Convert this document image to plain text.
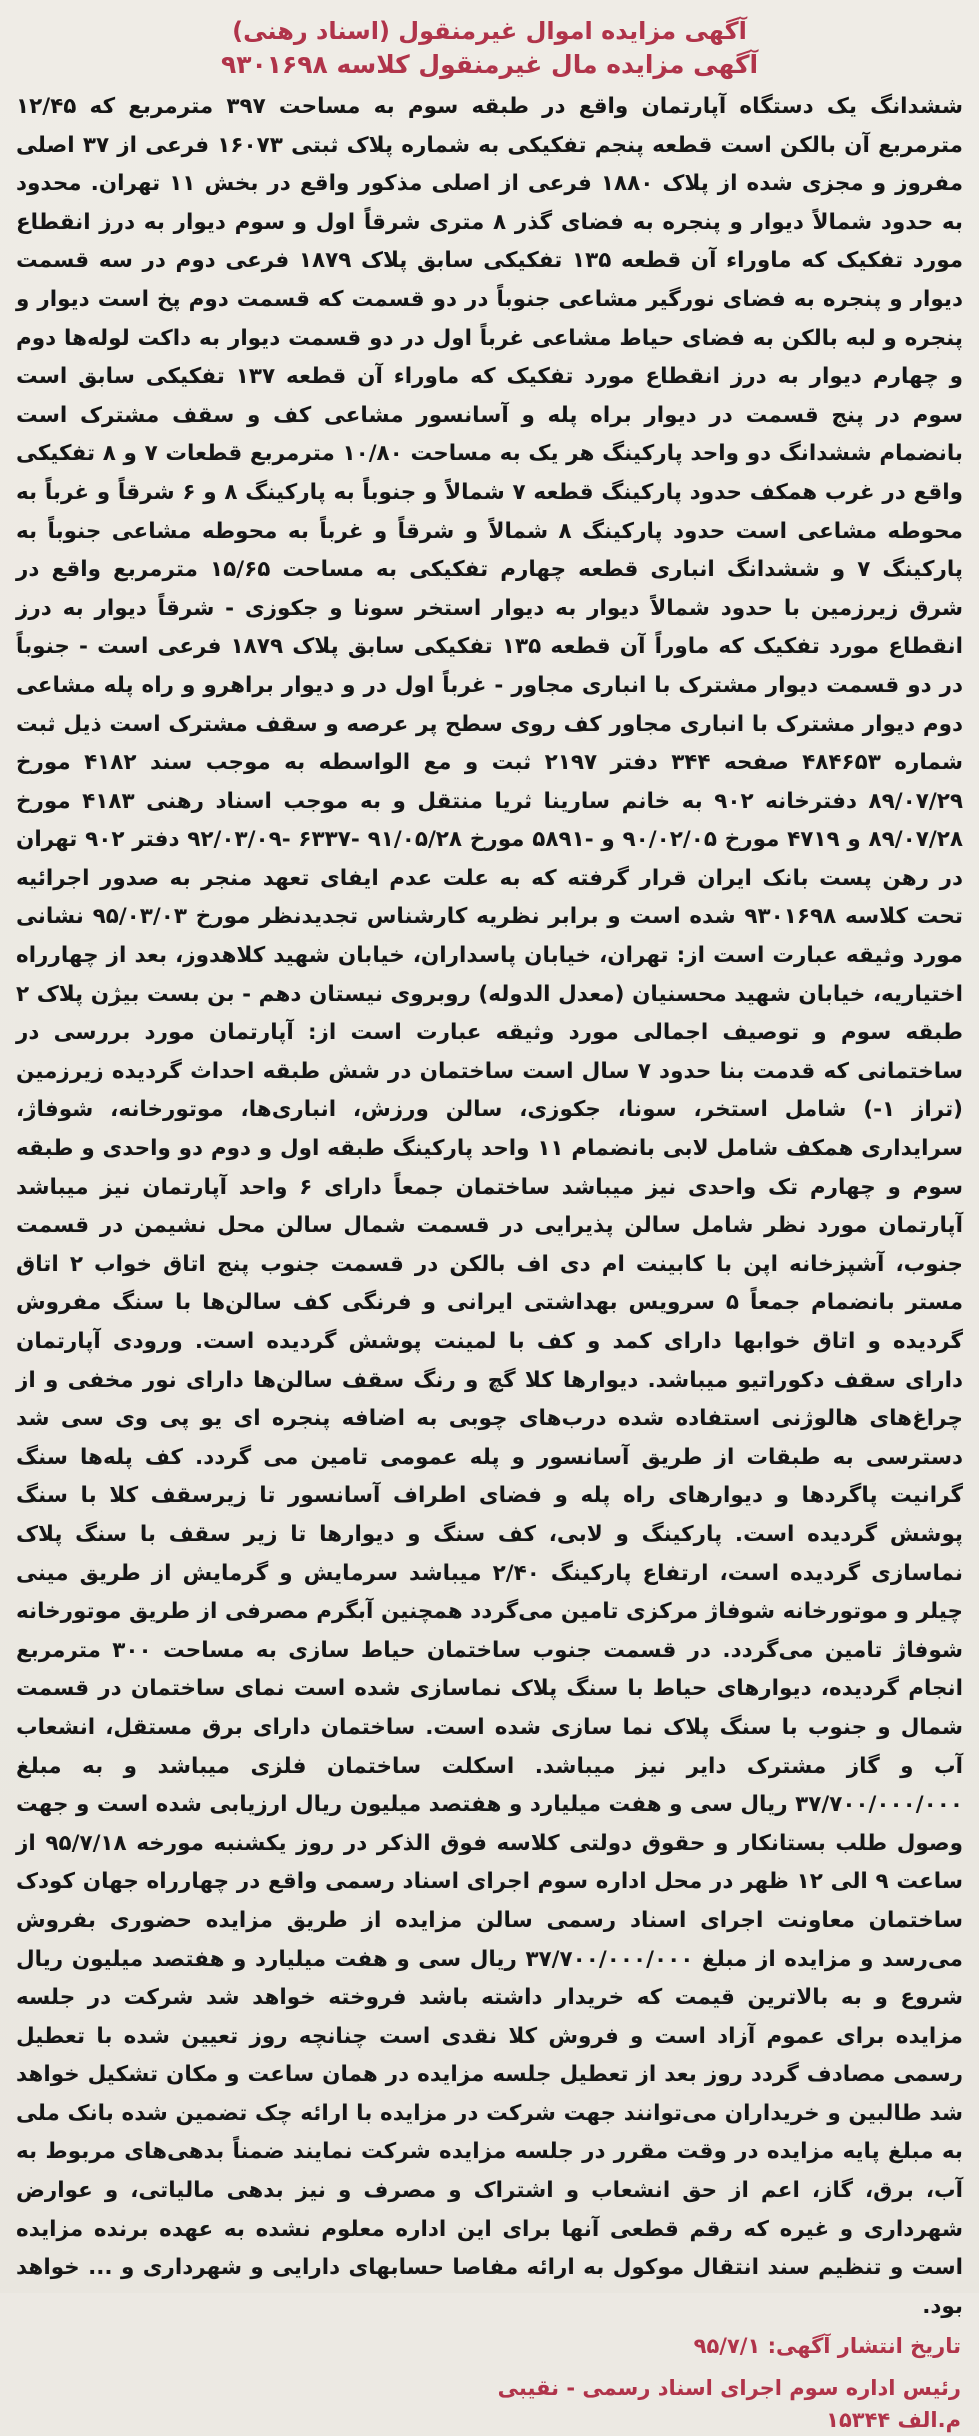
آگهی مزایده اموال غیرمنقول (اسناد رهنی)

آگهی مزایده مال غیرمنقول کلاسه ۹۳۰۱۶۹۸

ششدانگ یک دستگاه آپارتمان واقع در طبقه سوم به مساحت ۳۹۷ مترمربع که ۱۲/۴۵ مترمربع آن بالکن است قطعه پنجم تفکیکی به شماره پلاک ثبتی ۱۶۰۷۳ فرعی از ۳۷ اصلی مفروز و مجزی شده از پلاک ۱۸۸۰ فرعی از اصلی مذکور واقع در بخش ۱۱ تهران. محدود به حدود شمالاً دیوار و پنجره به فضای گذر ۸ متری شرقاً اول و سوم دیوار به درز انقطاع مورد تفکیک که ماوراء آن قطعه ۱۳۵ تفکیکی سابق پلاک ۱۸۷۹ فرعی دوم در سه قسمت دیوار و پنجره به فضای نورگیر مشاعی جنوباً در دو قسمت که قسمت دوم پخ است دیوار و پنجره و لبه بالکن به فضای حیاط مشاعی غرباً اول در دو قسمت دیوار به داکت لوله‌ها دوم و چهارم دیوار به درز انقطاع مورد تفکیک که ماوراء آن قطعه ۱۳۷ تفکیکی سابق است سوم در پنج قسمت در دیوار براه پله و آسانسور مشاعی کف و سقف مشترک است بانضمام ششدانگ دو واحد پارکینگ هر یک به مساحت ۱۰/۸۰ مترمربع قطعات ۷ و ۸ تفکیکی واقع در غرب همکف حدود پارکینگ قطعه ۷ شمالاً و جنوباً به پارکینگ ۸ و ۶ شرقاً و غرباً به محوطه مشاعی است حدود پارکینگ ۸ شمالاً و شرقاً و غرباً به محوطه مشاعی جنوباً به پارکینگ ۷ و ششدانگ انباری قطعه چهارم تفکیکی به مساحت ۱۵/۶۵ مترمربع واقع در شرق زیرزمین با حدود شمالاً دیوار به دیوار استخر سونا و جکوزی - شرقاً دیوار به درز انقطاع مورد تفکیک که ماوراً آن قطعه ۱۳۵ تفکیکی سابق پلاک ۱۸۷۹ فرعی است - جنوباً در دو قسمت دیوار مشترک با انباری مجاور - غرباً اول در و دیوار براهرو و راه پله مشاعی دوم دیوار مشترک با انباری مجاور کف روی سطح پر عرصه و سقف مشترک است ذیل ثبت شماره ۴۸۴۶۵۳ صفحه ۳۴۴ دفتر ۲۱۹۷ ثبت و مع الواسطه به موجب سند ۴۱۸۲ مورخ ۸۹/۰۷/۲۹ دفترخانه ۹۰۲ به خانم سارینا ثریا منتقل و به موجب اسناد رهنی ۴۱۸۳ مورخ ۸۹/۰۷/۲۸ و ۴۷۱۹ مورخ ۹۰/۰۲/۰۵ و -۵۸۹۱ مورخ ۹۱/۰۵/۲۸ -۶۳۳۷ -۹۲/۰۳/۰۹ دفتر ۹۰۲ تهران در رهن پست بانک ایران قرار گرفته که به علت عدم ایفای تعهد منجر به صدور اجرائیه تحت کلاسه ۹۳۰۱۶۹۸ شده است و برابر نظریه کارشناس تجدیدنظر مورخ ۹۵/۰۳/۰۳ نشانی مورد وثیقه عبارت است از: تهران، خیابان پاسداران، خیابان شهید کلاهدوز، بعد از چهارراه اختیاریه، خیابان شهید محسنیان (معدل الدوله) روبروی نیستان دهم - بن بست بیژن پلاک ۲ طبقه سوم و توصیف اجمالی مورد وثیقه عبارت است از: آپارتمان مورد بررسی در ساختمانی که قدمت بنا حدود ۷ سال است ساختمان در شش طبقه احداث گردیده زیرزمین (تراز ۱-) شامل استخر، سونا، جکوزی، سالن ورزش، انباری‌ها، موتورخانه، شوفاژ، سرایداری همکف شامل لابی بانضمام ۱۱ واحد پارکینگ طبقه اول و دوم دو واحدی و طبقه سوم و چهارم تک واحدی نیز میباشد ساختمان جمعاً دارای ۶ واحد آپارتمان نیز میباشد آپارتمان مورد نظر شامل سالن پذیرایی در قسمت شمال سالن محل نشیمن در قسمت جنوب، آشپزخانه اپن با کابینت ام دی اف بالکن در قسمت جنوب پنج اتاق خواب ۲ اتاق مستر بانضمام جمعاً ۵ سرویس بهداشتی ایرانی و فرنگی کف سالن‌ها با سنگ مفروش گردیده و اتاق خوابها دارای کمد و کف با لمینت پوشش گردیده است. ورودی آپارتمان دارای سقف دکوراتیو میباشد. دیوارها کلا گچ و رنگ سقف سالن‌ها دارای نور مخفی و از چراغ‌های هالوژنی استفاده شده درب‌های چوبی به اضافه پنجره ای یو پی وی سی شد دسترسی به طبقات از طریق آسانسور و پله عمومی تامین می گردد. کف پله‌ها سنگ گرانیت پاگردها و دیوارهای راه پله و فضای اطراف آسانسور تا زیرسقف کلا با سنگ پوشش گردیده است. پارکینگ و لابی، کف سنگ و دیوارها تا زیر سقف با سنگ پلاک نماسازی گردیده است، ارتفاع پارکینگ ۲/۴۰ میباشد سرمایش و گرمایش از طریق مینی چیلر و موتورخانه شوفاژ مرکزی تامین می‌گردد همچنین آبگرم مصرفی از طریق موتورخانه شوفاژ تامین می‌گردد. در قسمت جنوب ساختمان حیاط سازی به مساحت ۳۰۰ مترمربع انجام گردیده، دیوارهای حیاط با سنگ پلاک نماسازی شده است نمای ساختمان در قسمت شمال و جنوب با سنگ پلاک نما سازی شده است. ساختمان دارای برق مستقل، انشعاب آب و گاز مشترک دایر نیز میباشد. اسکلت ساختمان فلزی میباشد و به مبلغ ۳۷/۷۰۰/۰۰۰/۰۰۰ ریال سی و هفت میلیارد و هفتصد میلیون ریال ارزیابی شده است و جهت وصول طلب بستانکار و حقوق دولتی کلاسه فوق الذکر در روز یکشنبه مورخه ۹۵/۷/۱۸ از ساعت ۹ الی ۱۲ ظهر در محل اداره سوم اجرای اسناد رسمی واقع در چهارراه جهان کودک ساختمان معاونت اجرای اسناد رسمی سالن مزایده از طریق مزایده حضوری بفروش می‌رسد و مزایده از مبلغ ۳۷/۷۰۰/۰۰۰/۰۰۰ ریال سی و هفت میلیارد و هفتصد میلیون ریال شروع و به بالاترین قیمت که خریدار داشته باشد فروخته خواهد شد شرکت در جلسه مزایده برای عموم آزاد است و فروش کلا نقدی است چنانچه روز تعیین شده با تعطیل رسمی مصادف گردد روز بعد از تعطیل جلسه مزایده در همان ساعت و مکان تشکیل خواهد شد طالبین و خریداران می‌توانند جهت شرکت در مزایده با ارائه چک تضمین شده بانک ملی به مبلغ پایه مزایده در وقت مقرر در جلسه مزایده شرکت نمایند ضمناً بدهی‌های مربوط به آب، برق، گاز، اعم از حق انشعاب و اشتراک و مصرف و نیز بدهی مالیاتی، و عوارض شهرداری و غیره که رقم قطعی آنها برای این اداره معلوم نشده به عهده برنده مزایده است و تنظیم سند انتقال موکول به ارائه مفاصا حسابهای دارایی و شهرداری و ... خواهد بود.

تاریخ انتشار آگهی: ۹۵/۷/۱

رئیس اداره سوم اجرای اسناد رسمی - نقیبی

م.الف ۱۵۳۴۴
